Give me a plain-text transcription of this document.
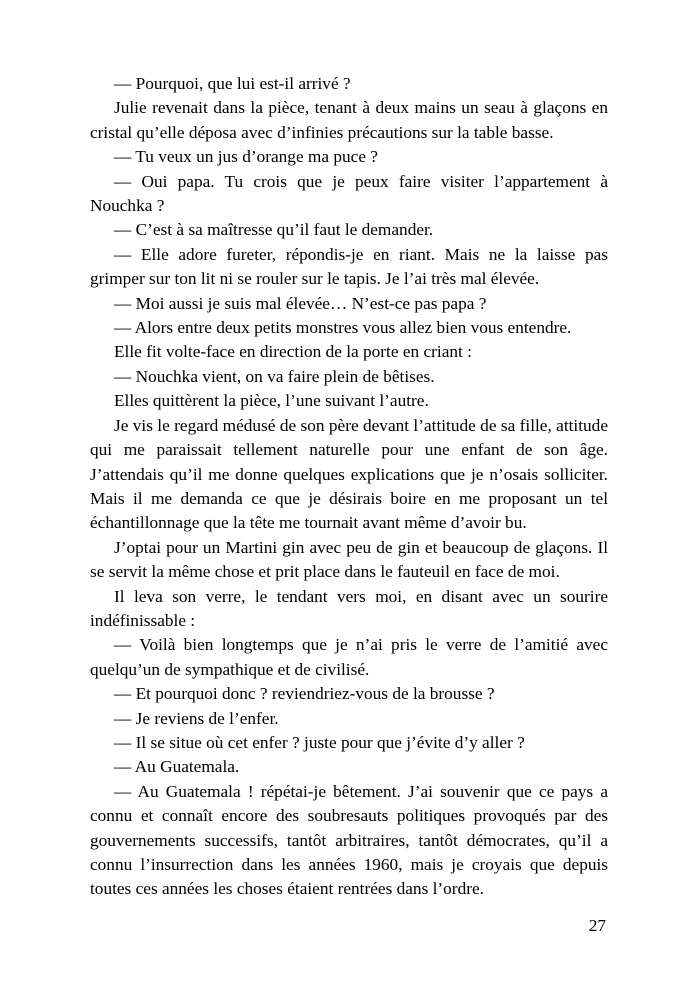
— Pourquoi, que lui est-il arrivé ?

Julie revenait dans la pièce, tenant à deux mains un seau à glaçons en cristal qu’elle déposa avec d’infinies précautions sur la table basse.

— Tu veux un jus d’orange ma puce ?

— Oui papa. Tu crois que je peux faire visiter l’appartement à Nouchka ?

— C’est à sa maîtresse qu’il faut le demander.

— Elle adore fureter, répondis-je en riant. Mais ne la laisse pas grimper sur ton lit ni se rouler sur le tapis. Je l’ai très mal élevée.

— Moi aussi je suis mal élevée… N’est-ce pas papa ?

— Alors entre deux petits monstres vous allez bien vous entendre.

Elle fit volte-face en direction de la porte en criant :

— Nouchka vient, on va faire plein de bêtises.

Elles quittèrent la pièce, l’une suivant l’autre.

Je vis le regard médusé de son père devant l’attitude de sa fille, attitude qui me paraissait tellement naturelle pour une enfant de son âge. J’attendais qu’il me donne quelques explications que je n’osais solliciter. Mais il me demanda ce que je désirais boire en me proposant un tel échantillonnage que la tête me tournait avant même d’avoir bu.

J’optai pour un Martini gin avec peu de gin et beaucoup de glaçons. Il se servit la même chose et prit place dans le fauteuil en face de moi.

Il leva son verre, le tendant vers moi, en disant avec un sourire indéfinissable :

— Voilà bien longtemps que je n’ai pris le verre de l’amitié avec quelqu’un de sympathique et de civilisé.

— Et pourquoi donc ? reviendriez-vous de la brousse ?

— Je reviens de l’enfer.

— Il se situe où cet enfer ? juste pour que j’évite d’y aller ?

— Au Guatemala.

— Au Guatemala ! répétai-je bêtement. J’ai souvenir que ce pays a connu et connaît encore des soubresauts politiques provoqués par des gouvernements successifs, tantôt arbitraires, tantôt démocrates, qu’il a connu l’insurrection dans les années 1960, mais je croyais que depuis toutes ces années les choses étaient rentrées dans l’ordre.

27
